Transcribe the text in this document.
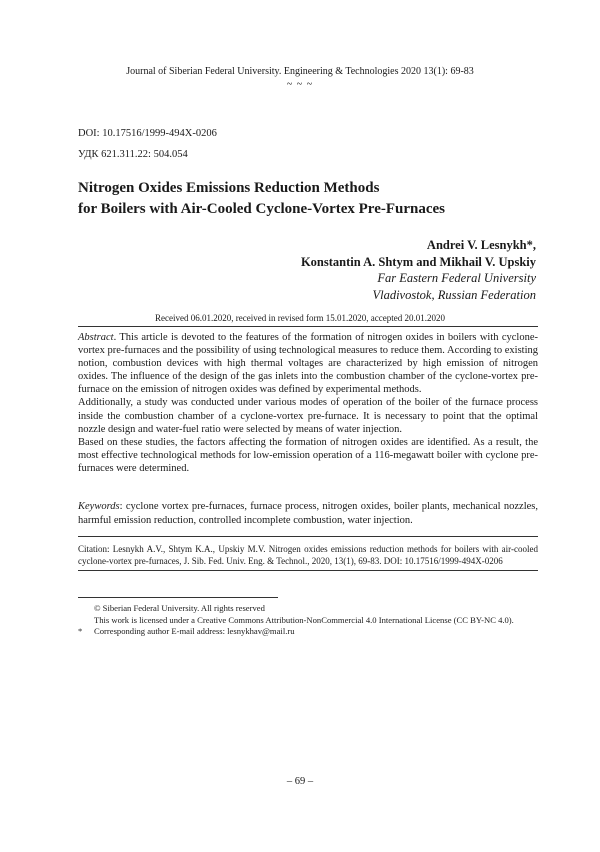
Journal of Siberian Federal University. Engineering & Technologies 2020 13(1): 69-83
~ ~ ~
DOI: 10.17516/1999-494X-0206
УДК 621.311.22: 504.054
Nitrogen Oxides Emissions Reduction Methods
for Boilers with Air-Cooled Cyclone-Vortex Pre-Furnaces
Andrei V. Lesnykh*,
Konstantin A. Shtym and Mikhail V. Upskiy
Far Eastern Federal University
Vladivostok, Russian Federation
Received 06.01.2020, received in revised form 15.01.2020, accepted 20.01.2020

Abstract. This article is devoted to the features of the formation of nitrogen oxides in boilers with cyclone-vortex pre-furnaces and the possibility of using technological measures to reduce them. According to existing notion, combustion devices with high thermal voltages are characterized by high emission of nitrogen oxides. The influence of the design of the gas inlets into the combustion chamber of the cyclone-vortex pre-furnace on the emission of nitrogen oxides was defined by experimental methods.

Additionally, a study was conducted under various modes of operation of the boiler of the furnace process inside the combustion chamber of a cyclone-vortex pre-furnace. It is necessary to point that the optimal nozzle design and water-fuel ratio were selected by means of water injection.

Based on these studies, the factors affecting the formation of nitrogen oxides are identified. As a result, the most effective technological methods for low-emission operation of a 116-megawatt boiler with cyclone pre-furnaces were determined.

Keywords: cyclone vortex pre-furnaces, furnace process, nitrogen oxides, boiler plants, mechanical nozzles, harmful emission reduction, controlled incomplete combustion, water injection.
Citation: Lesnykh A.V., Shtym K.A., Upskiy M.V. Nitrogen oxides emissions reduction methods for boilers with air-cooled cyclone-vortex pre-furnaces, J. Sib. Fed. Univ. Eng. & Technol., 2020, 13(1), 69-83. DOI: 10.17516/1999-494X-0206
© Siberian Federal University. All rights reserved
This work is licensed under a Creative Commons Attribution-NonCommercial 4.0 International License (CC BY-NC 4.0).
* Corresponding author E-mail address: lesnykhav@mail.ru
– 69 –
